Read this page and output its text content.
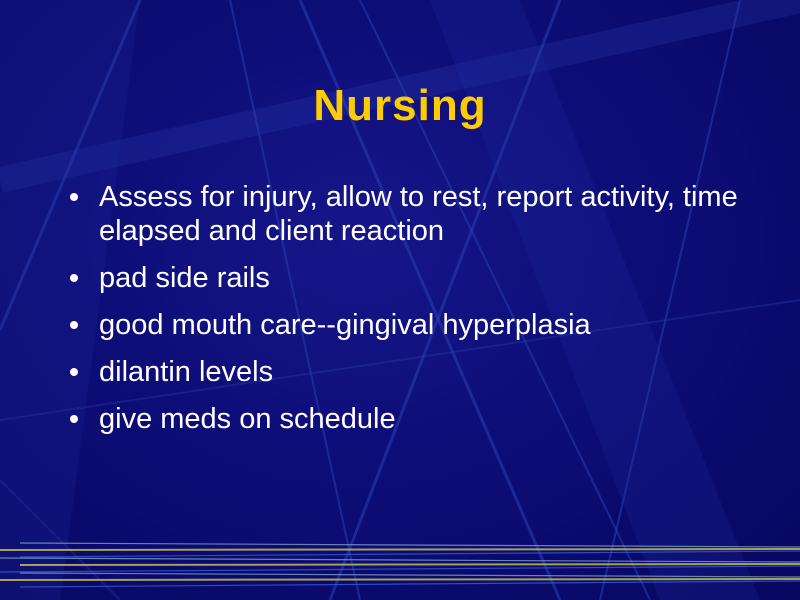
Nursing
Assess for injury, allow to rest, report activity, time elapsed and client reaction
pad side rails
good mouth care--gingival hyperplasia
dilantin levels
give meds on schedule
